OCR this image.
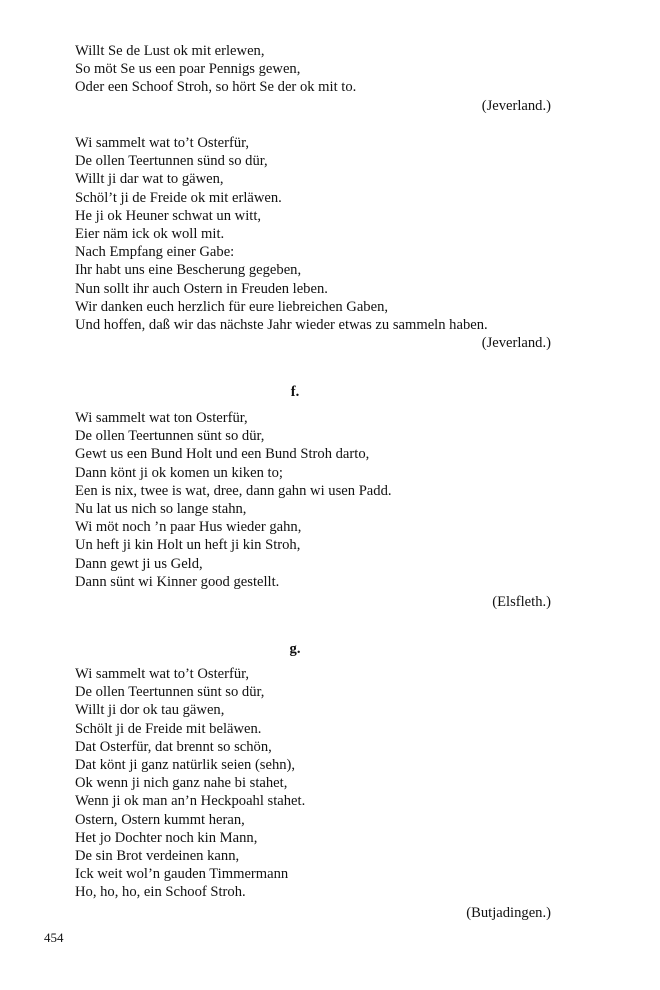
Willt Se de Lust ok mit erlewen,
So möt Se us een poar Pennigs gewen,
Oder een Schoof Stroh, so hört Se der ok mit to.
(Jeverland.)
Wi sammelt wat to’t Osterfür,
De ollen Teertunnen sünd so dür,
Willt ji dar wat to gäwen,
Schöl’t ji de Freide ok mit erläwen.
He ji ok Heuner schwat un witt,
Eier näm ick ok woll mit.
Nach Empfang einer Gabe:
Ihr habt uns eine Bescherung gegeben,
Nun sollt ihr auch Ostern in Freuden leben.
Wir danken euch herzlich für eure liebreichen Gaben,
Und hoffen, daß wir das nächste Jahr wieder etwas zu sammeln haben.
(Jeverland.)
f.
Wi sammelt wat ton Osterfür,
De ollen Teertunnen sünt so dür,
Gewt us een Bund Holt und een Bund Stroh darto,
Dann könt ji ok komen un kiken to;
Een is nix, twee is wat, dree, dann gahn wi usen Padd.
Nu lat us nich so lange stahn,
Wi möt noch ’n paar Hus wieder gahn,
Un heft ji kin Holt un heft ji kin Stroh,
Dann gewt ji us Geld,
Dann sünt wi Kinner good gestellt.
(Elsfleth.)
g.
Wi sammelt wat to’t Osterfür,
De ollen Teertunnen sünt so dür,
Willt ji dor ok tau gäwen,
Schölt ji de Freide mit beläwen.
Dat Osterfür, dat brennt so schön,
Dat könt ji ganz natürlik seien (sehn),
Ok wenn ji nich ganz nahe bi stahet,
Wenn ji ok man an’n Heckpoahl stahet.
Ostern, Ostern kummt heran,
Het jo Dochter noch kin Mann,
De sin Brot verdeinen kann,
Ick weit wol’n gauden Timmermann
Ho, ho, ho, ein Schoof Stroh.
(Butjadingen.)
454
